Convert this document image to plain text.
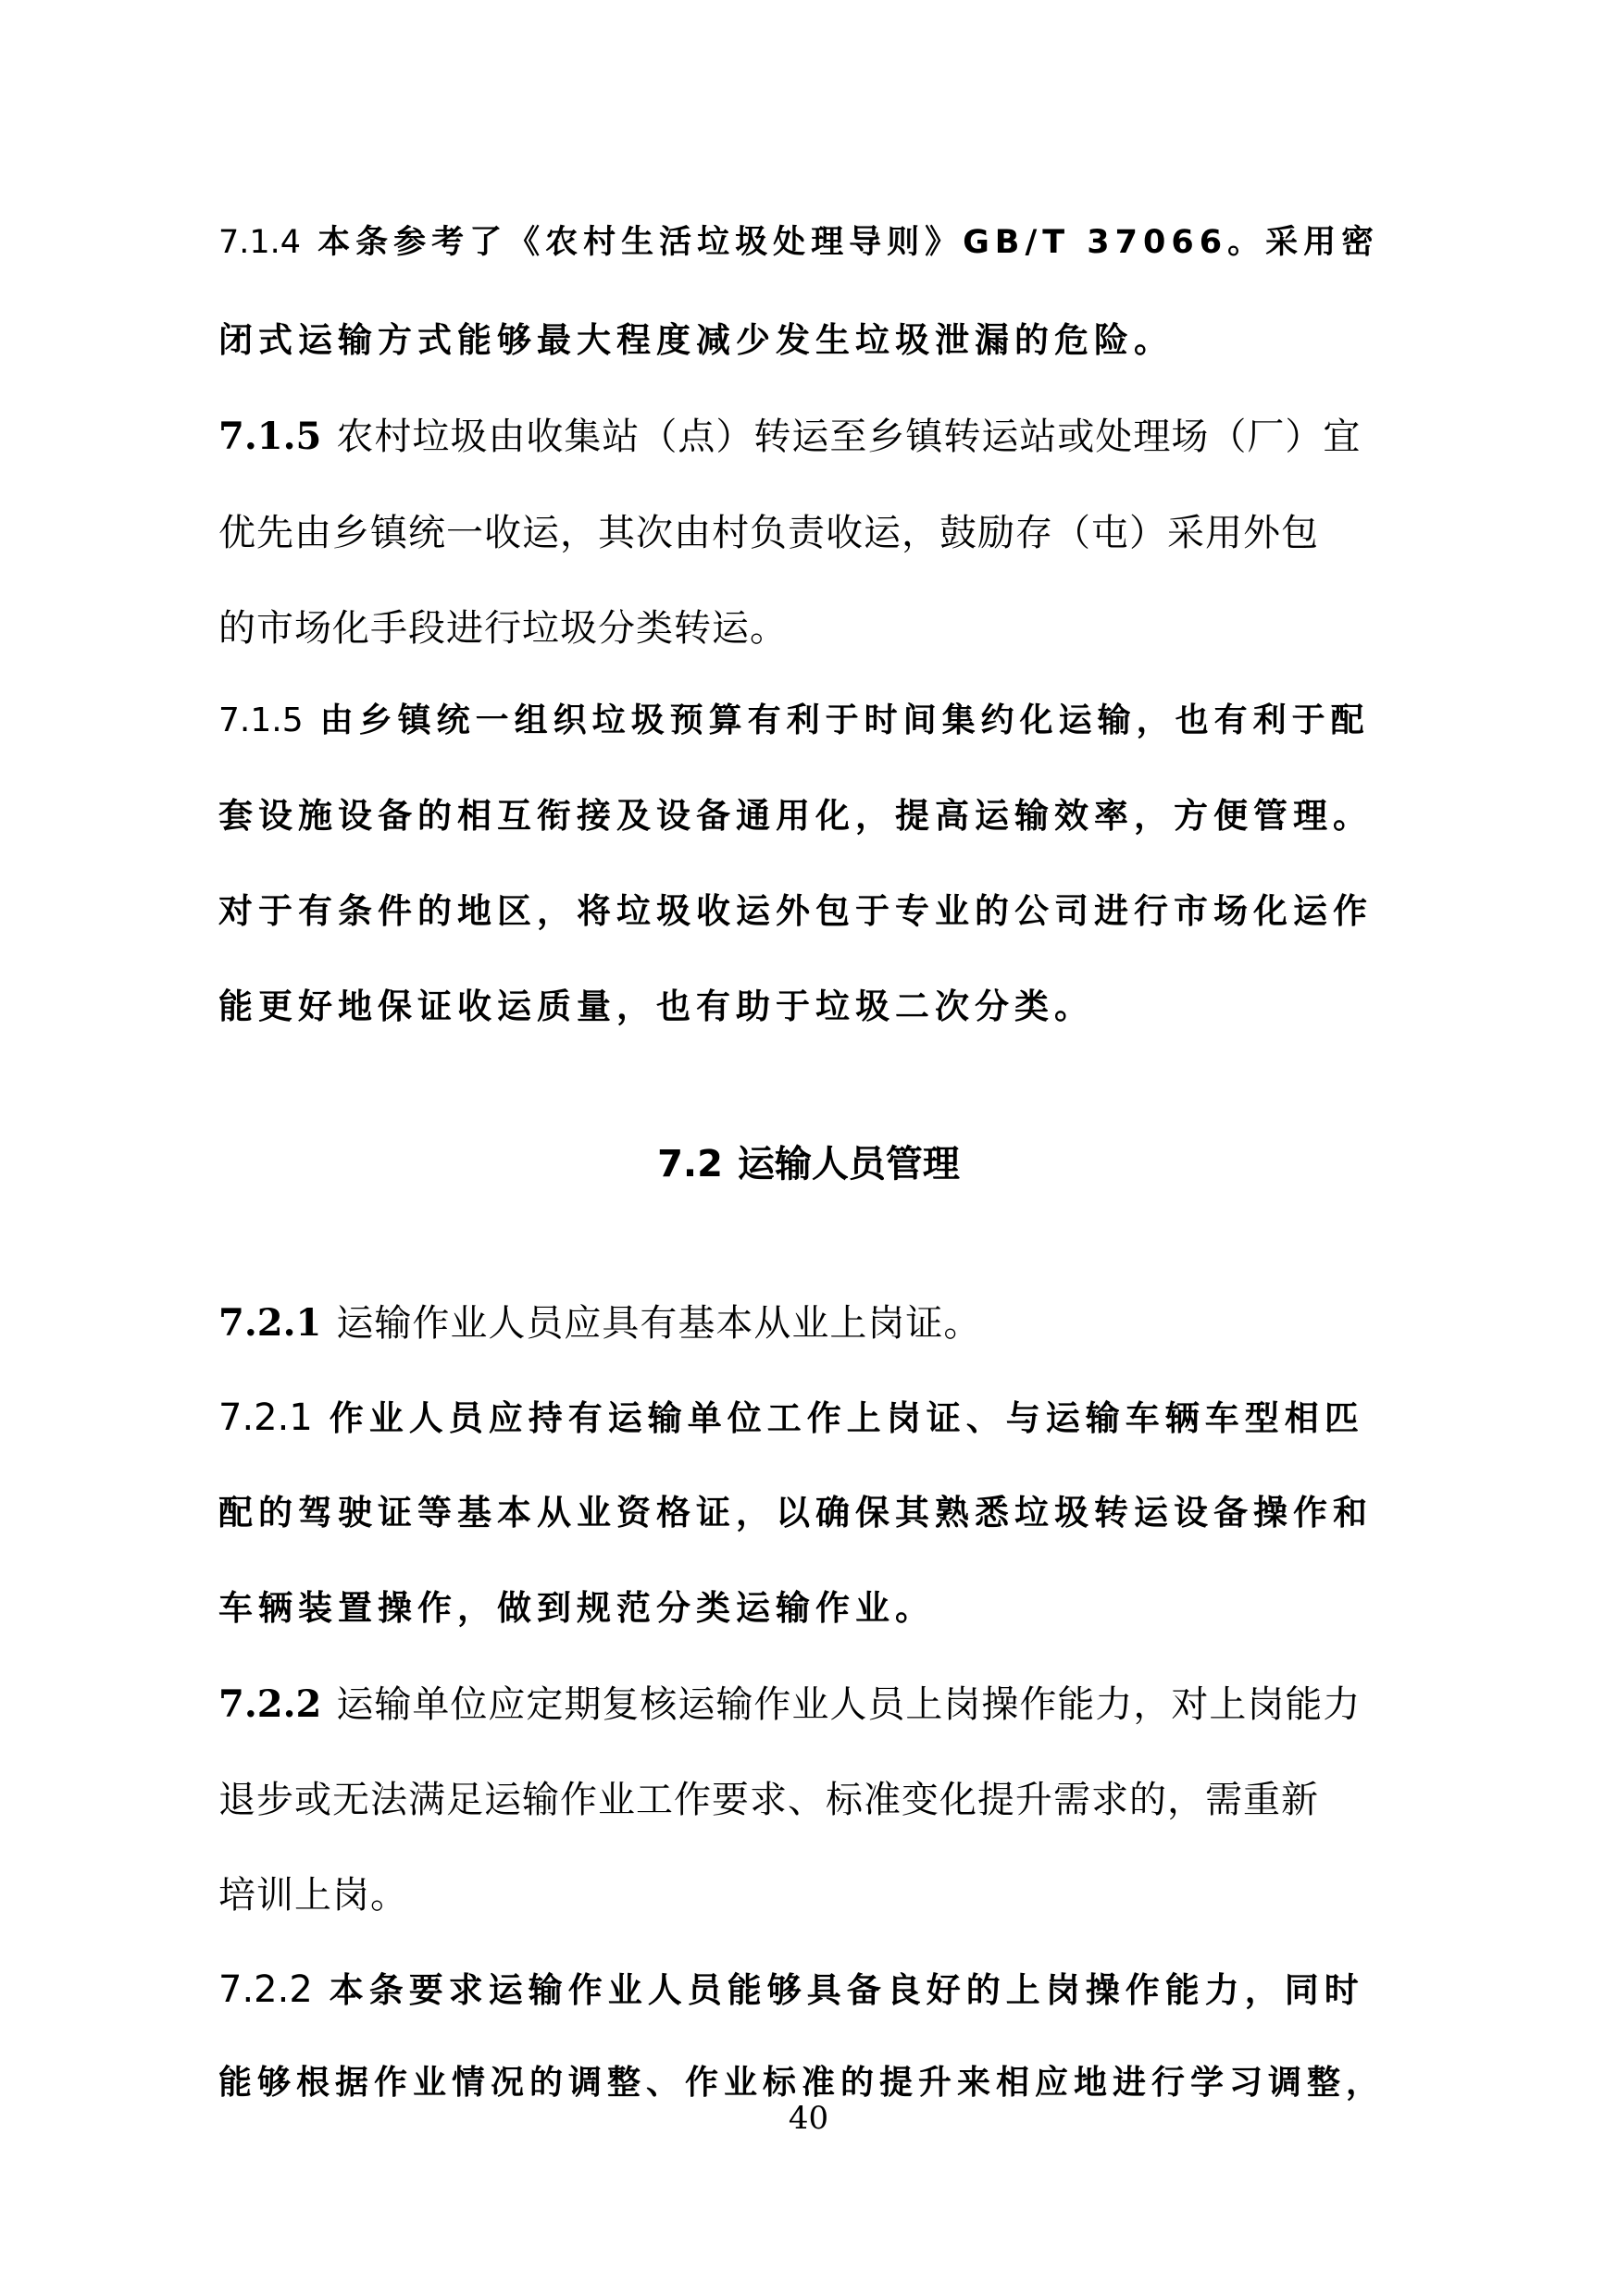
7.1.4 本条参考了《农村生活垃圾处理导则》GB/T 37066。采用密
闭式运输方式能够最大程度减少发生垃圾泄漏的危险。
7.1.5 农村垃圾由收集站（点）转运至乡镇转运站或处理场（厂）宜
优先由乡镇统一收运，其次由村负责收运，鼓励存（屯）采用外包
的市场化手段进行垃圾分类转运。
7.1.5 由乡镇统一组织垃圾预算有利于时间集约化运输，也有利于配
套设施设备的相互衔接及设备通用化，提高运输效率，方便管理。
对于有条件的地区，将垃圾收运外包于专业的公司进行市场化运作
能更好地保证收运质量，也有助于垃圾二次分类。
7.2 运输人员管理
7.2.1 运输作业人员应具有基本从业上岗证。
7.2.1 作业人员应持有运输单位工作上岗证、与运输车辆车型相匹
配的驾驶证等基本从业资格证，以确保其熟悉垃圾转运设备操作和
车辆装置操作，做到规范分类运输作业。
7.2.2 运输单位应定期复核运输作业人员上岗操作能力，对上岗能力
退步或无法满足运输作业工作要求、标准变化提升需求的，需重新
培训上岗。
7.2.2 本条要求运输作业人员能够具备良好的上岗操作能力，同时
能够根据作业情况的调整、作业标准的提升来相应地进行学习调整，
40
